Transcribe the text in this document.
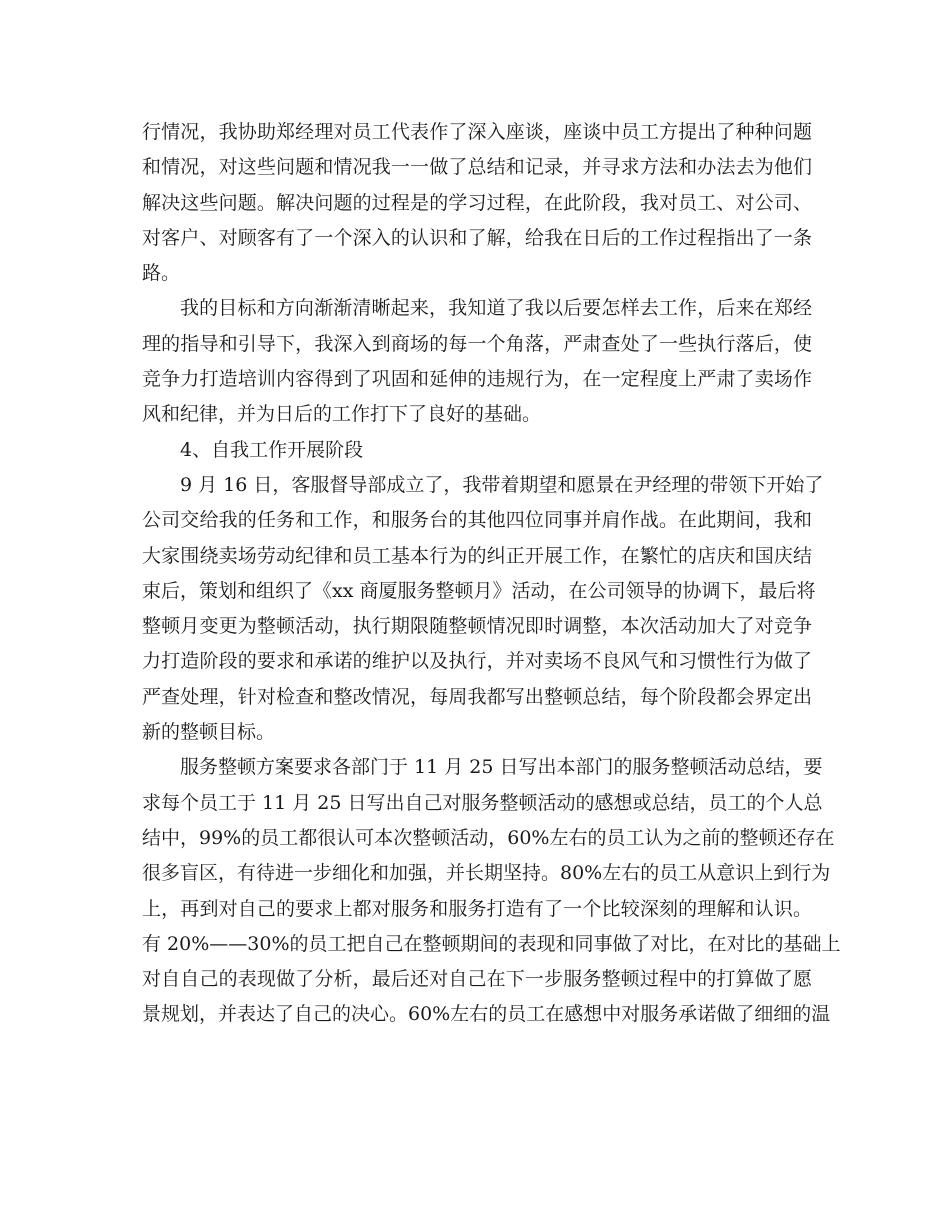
行情况，我协助郑经理对员工代表作了深入座谈，座谈中员工方提出了种种问题
和情况，对这些问题和情况我一一做了总结和记录，并寻求方法和办法去为他们
解决这些问题。解决问题的过程是的学习过程，在此阶段，我对员工、对公司、
对客户、对顾客有了一个深入的认识和了解，给我在日后的工作过程指出了一条
路。
我的目标和方向渐渐清晰起来，我知道了我以后要怎样去工作，后来在郑经
理的指导和引导下，我深入到商场的每一个角落，严肃查处了一些执行落后，使
竞争力打造培训内容得到了巩固和延伸的违规行为，在一定程度上严肃了卖场作
风和纪律，并为日后的工作打下了良好的基础。
4、自我工作开展阶段
9 月 16 日，客服督导部成立了，我带着期望和愿景在尹经理的带领下开始了
公司交给我的任务和工作，和服务台的其他四位同事并肩作战。在此期间，我和
大家围绕卖场劳动纪律和员工基本行为的纠正开展工作，在繁忙的店庆和国庆结
束后，策划和组织了《xx 商厦服务整顿月》活动，在公司领导的协调下，最后将
整顿月变更为整顿活动，执行期限随整顿情况即时调整，本次活动加大了对竞争
力打造阶段的要求和承诺的维护以及执行，并对卖场不良风气和习惯性行为做了
严查处理，针对检查和整改情况，每周我都写出整顿总结，每个阶段都会界定出
新的整顿目标。
服务整顿方案要求各部门于 11 月 25 日写出本部门的服务整顿活动总结，要
求每个员工于 11 月 25 日写出自己对服务整顿活动的感想或总结，员工的个人总
结中，99%的员工都很认可本次整顿活动，60%左右的员工认为之前的整顿还存在
很多盲区，有待进一步细化和加强，并长期坚持。80%左右的员工从意识上到行为
上，再到对自己的要求上都对服务和服务打造有了一个比较深刻的理解和认识。
有 20%——30%的员工把自己在整顿期间的表现和同事做了对比，在对比的基础上
对自自己的表现做了分析，最后还对自己在下一步服务整顿过程中的打算做了愿
景规划，并表达了自己的决心。60%左右的员工在感想中对服务承诺做了细细的温
